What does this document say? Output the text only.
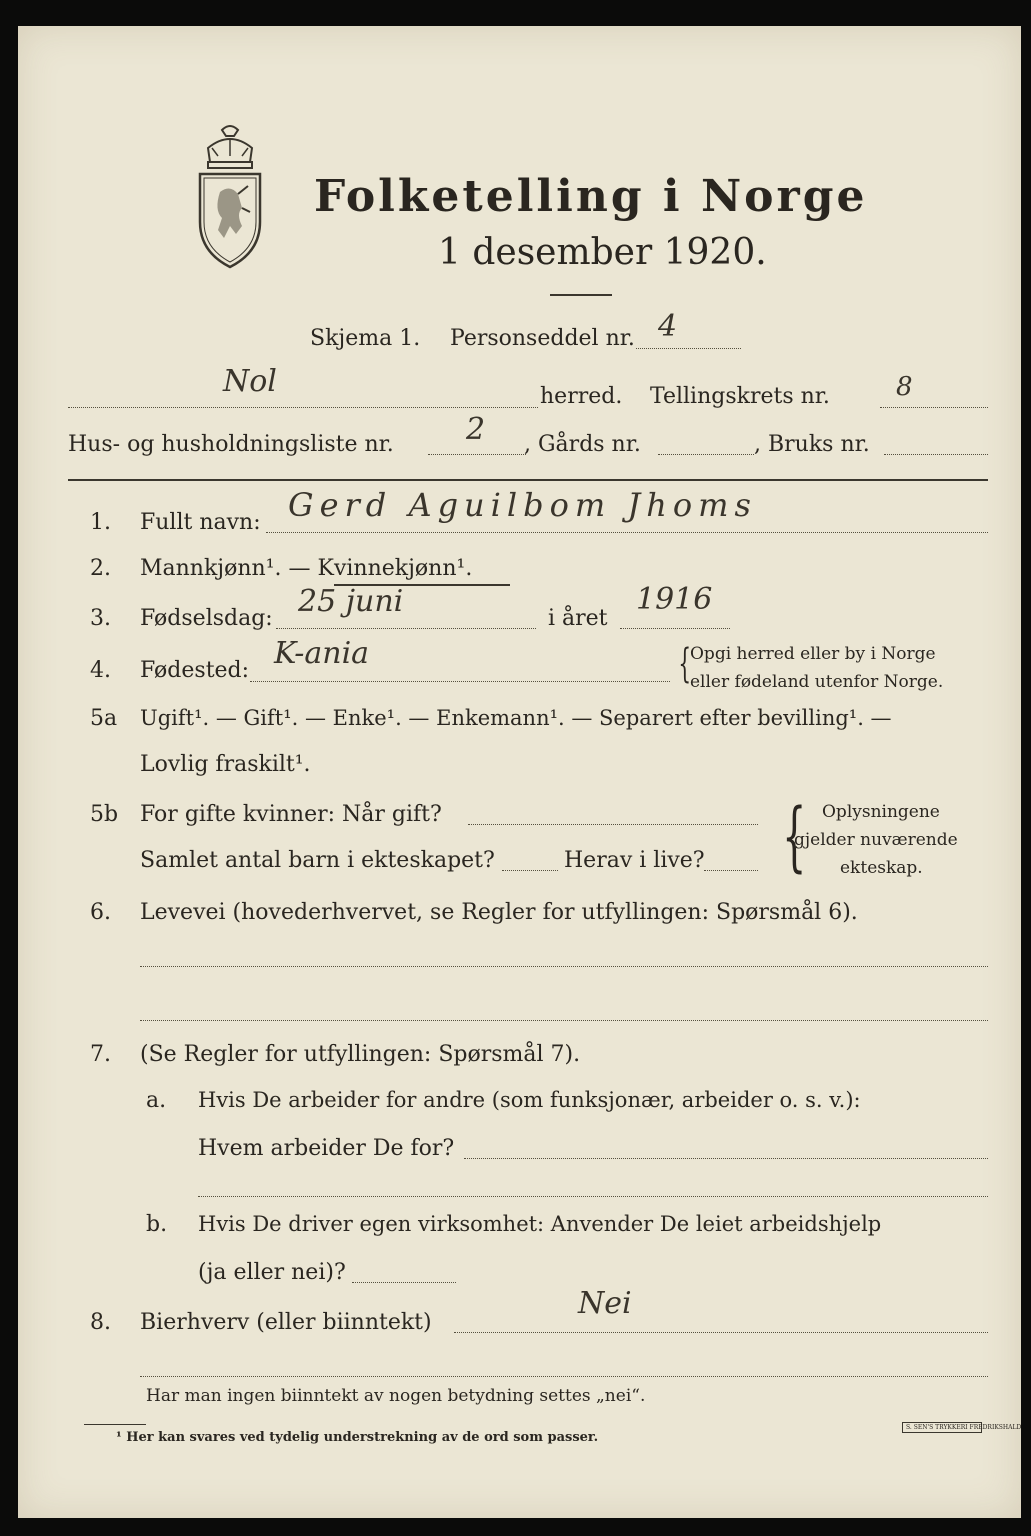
Folketelling i Norge
1 desember 1920.
Skjema 1. Personseddel nr. 4
Nol	herred. Tellingskrets nr.	8
Hus- og husholdningsliste nr. 2 , Gårds nr.	, Bruks nr.
1. Fullt navn: Gerd Aguilbom Jhoms
2. Mannkjønn¹. — Kvinnekjønn¹.
3. Fødselsdag: 25 juni	i året
1916
4. Fødested: K-ania	{
Opgi herred eller by i Norge
eller fødeland utenfor Norge.
5a Ugift¹. — Gift¹. — Enke¹. — Enkemann¹. — Separert efter bevilling¹. —
Lovlig fraskilt¹.
5b For gifte kvinner: Når gift?
Samlet antal barn i ekteskapet?	Herav i live? { Oplysningene
gjelder nuværende
ekteskap.
6. Levevei (hovederhvervet, se Regler for utfyllingen: Spørsmål 6).
7. (Se Regler for utfyllingen: Spørsmål 7).
a. Hvis De arbeider for andre (som funksjonær, arbeider o. s. v.):
Hvem arbeider De for?
b. Hvis De driver egen virksomhet: Anvender De leiet arbeidshjelp
(ja eller nei)?
8. Bierhverv (eller biinntekt)
Nei
Har man ingen biinntekt av nogen betydning settes „nei“.
¹ Her kan svares ved tydelig understrekning av de ord som passer.
S. SEN'S TRYKKERI FREDRIKSHALD
